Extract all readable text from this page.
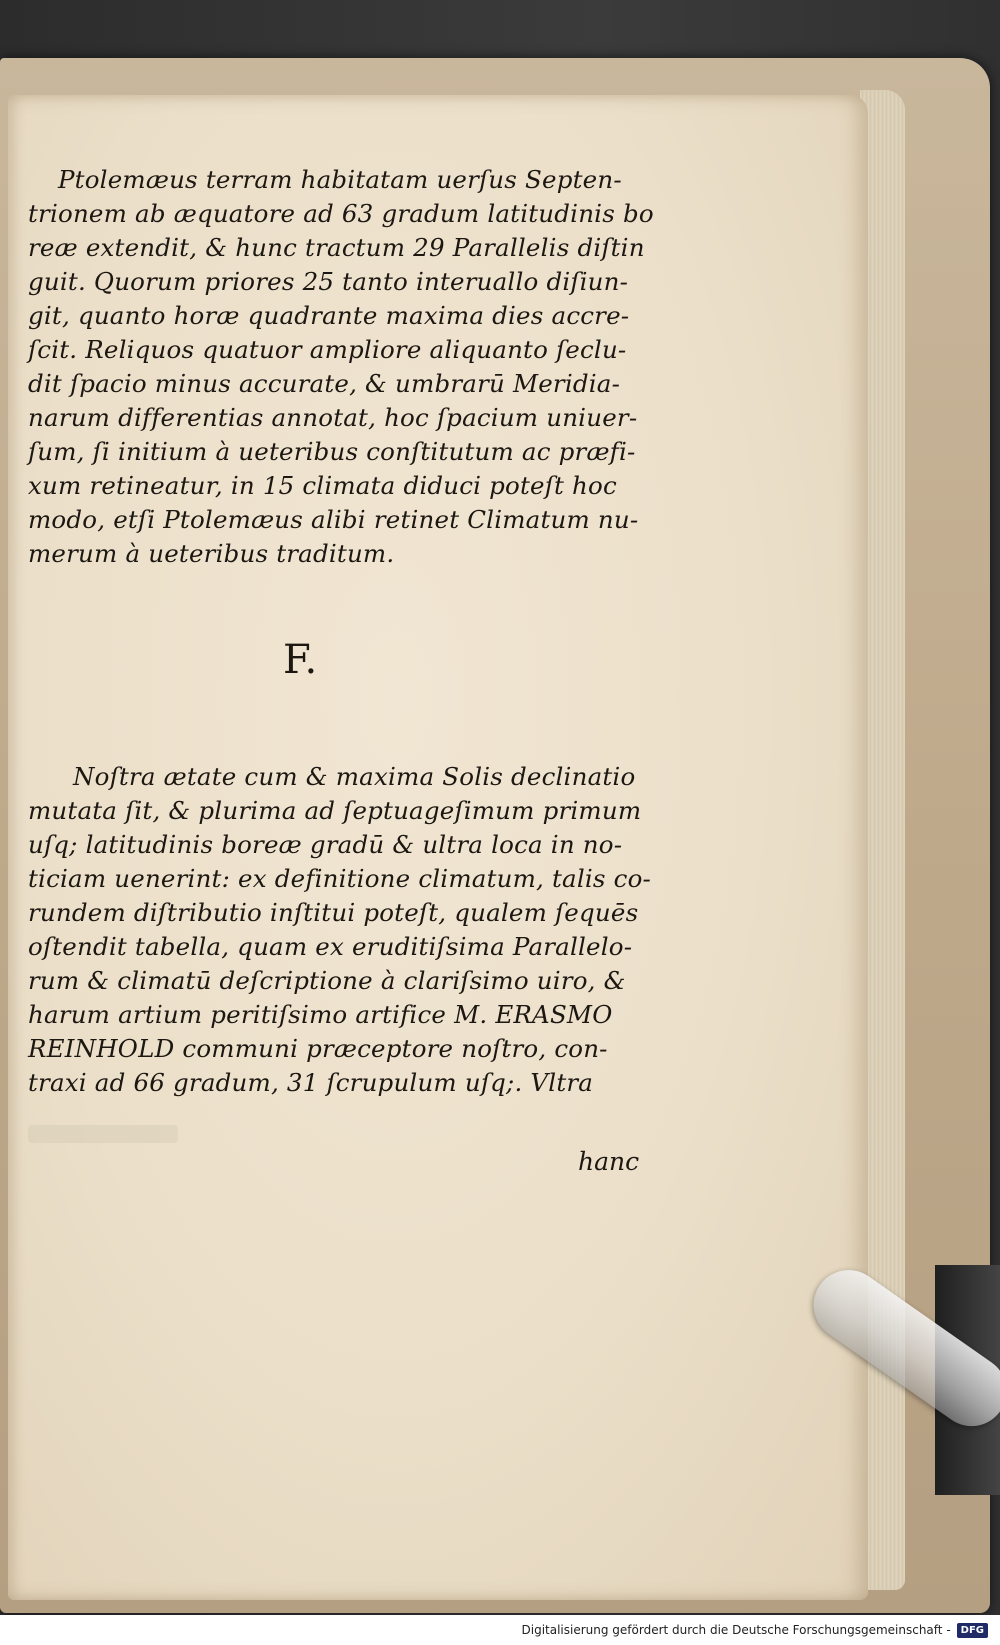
Ptolemæus terram habitatam uerſus Septen-
trionem ab æquatore ad 63 gradum latitudinis bo
reæ extendit, & hunc tractum 29 Parallelis diſtin
guit. Quorum priores 25 tanto interuallo diſiun-
git, quanto horæ quadrante maxima dies accre-
ſcit. Reliquos quatuor ampliore aliquanto ſeclu-
dit ſpacio minus accurate, & umbrarū Meridia-
narum differentias annotat, hoc ſpacium uniuer-
ſum, ſi initium à ueteribus conſtitutum ac præfi-
xum retineatur, in 15 climata diduci poteſt hoc
modo, etſi Ptolemæus alibi retinet Climatum nu-
merum à ueteribus traditum.
F.
Noſtra ætate cum & maxima Solis declinatio
mutata ſit, & plurima ad ſeptuageſimum primum
uſq; latitudinis boreæ gradū & ultra loca in no-
ticiam uenerint: ex definitione climatum, talis co-
rundem diſtributio inſtitui poteſt, qualem ſequēs
oſtendit tabella, quam ex eruditiſsima Parallelo-
rum & climatū deſcriptione à clariſsimo uiro, &
harum artium peritiſsimo artifice M. ERASMO
REINHOLD communi præceptore noſtro, con-
traxi ad 66 gradum, 31 ſcrupulum uſq;. Vltra
hanc
Digitalisierung gefördert durch die Deutsche Forschungsgemeinschaft -	DFG
